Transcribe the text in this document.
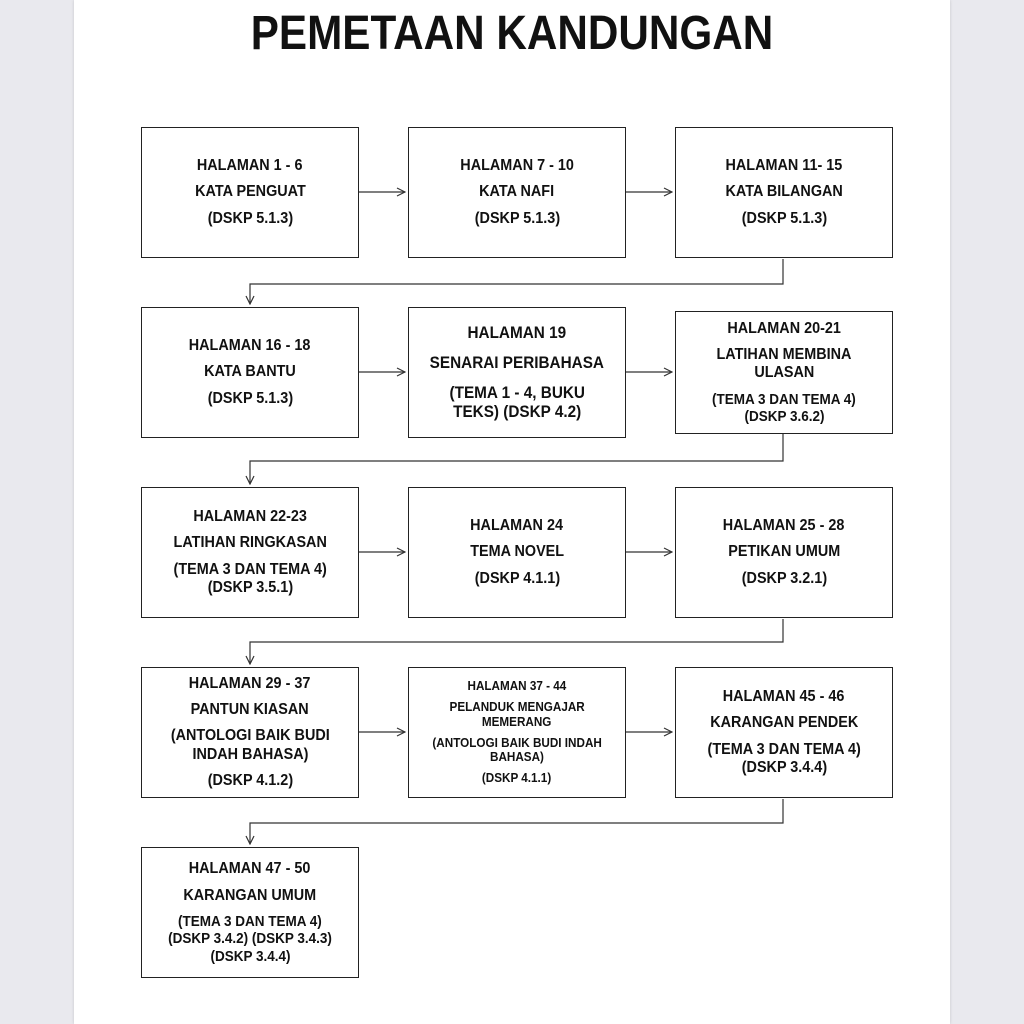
PEMETAAN KANDUNGAN
HALAMAN 1 - 6
KATA PENGUAT
(DSKP 5.1.3)
HALAMAN 7 - 10
KATA NAFI
(DSKP 5.1.3)
HALAMAN 11- 15
KATA BILANGAN
(DSKP 5.1.3)
HALAMAN 16 - 18
KATA BANTU
(DSKP 5.1.3)
HALAMAN 19
SENARAI PERIBAHASA
(TEMA 1 - 4, BUKU
TEKS) (DSKP 4.2)
HALAMAN 20-21
LATIHAN MEMBINA
ULASAN
(TEMA 3 DAN TEMA 4)
(DSKP 3.6.2)
HALAMAN 22-23
LATIHAN RINGKASAN
(TEMA 3 DAN TEMA 4)
(DSKP 3.5.1)
HALAMAN 24
TEMA NOVEL
(DSKP 4.1.1)
HALAMAN 25 - 28
PETIKAN UMUM
(DSKP 3.2.1)
HALAMAN 29 - 37
PANTUN KIASAN
(ANTOLOGI BAIK BUDI
INDAH BAHASA)
(DSKP 4.1.2)
HALAMAN 37 - 44
PELANDUK MENGAJAR
MEMERANG
(ANTOLOGI BAIK BUDI INDAH
BAHASA)
(DSKP 4.1.1)
HALAMAN 45 - 46
KARANGAN PENDEK
(TEMA 3 DAN TEMA 4)
(DSKP 3.4.4)
HALAMAN 47 - 50
KARANGAN UMUM
(TEMA 3 DAN TEMA 4)
(DSKP 3.4.2) (DSKP 3.4.3)
(DSKP 3.4.4)
